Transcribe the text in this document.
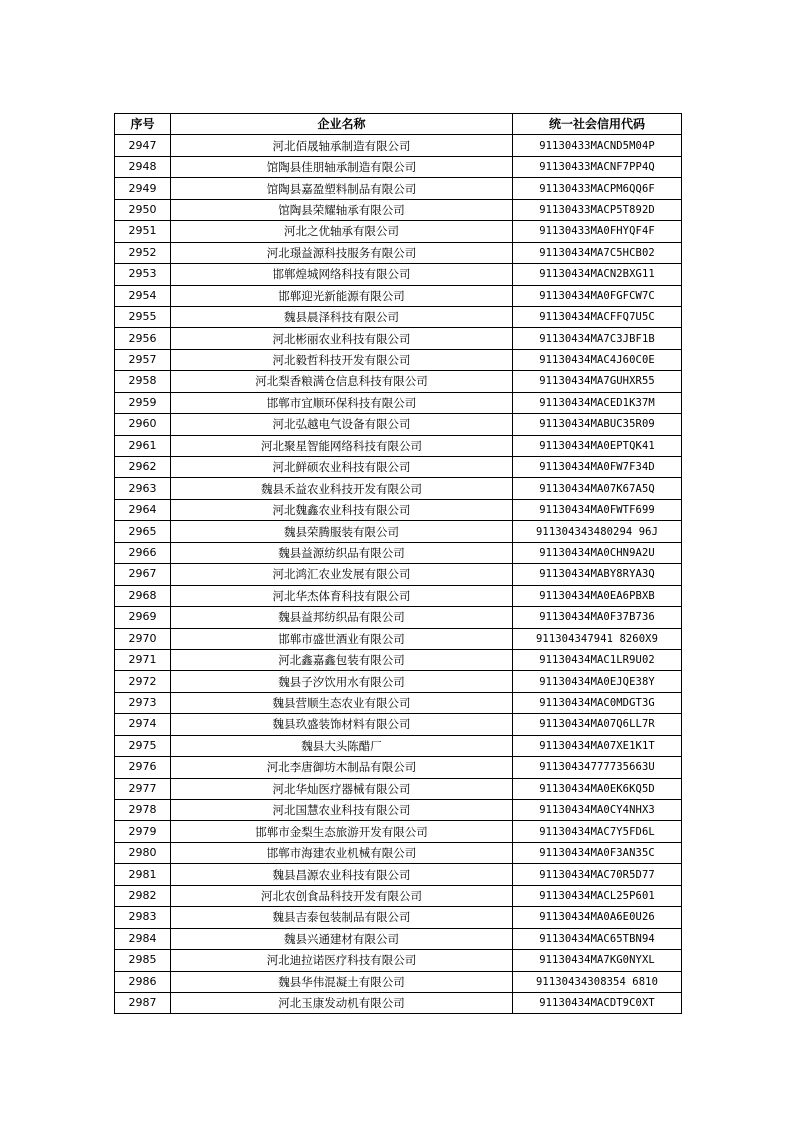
序号	企业名称	统一社会信用代码
2947	河北佰晟轴承制造有限公司	91130433MACND5M04P
2948	馆陶县佳朋轴承制造有限公司	91130433MACNF7PP4Q
2949	馆陶县嘉盈塑料制品有限公司	91130433MACPM6QQ6F
2950	馆陶县荣耀轴承有限公司	91130433MACP5T892D
2951	河北之优轴承有限公司	91130433MA0FHYQF4F
2952	河北璟益源科技服务有限公司	91130434MA7C5HCB02
2953	邯郸煌城网络科技有限公司	91130434MACN2BXG11
2954	邯郸迎光新能源有限公司	91130434MA0FGFCW7C
2955	魏县晨泽科技有限公司	91130434MACFFQ7U5C
2956	河北彬丽农业科技有限公司	91130434MA7C3JBF1B
2957	河北毅哲科技开发有限公司	91130434MAC4J60C0E
2958	河北梨香粮满仓信息科技有限公司	91130434MA7GUHXR55
2959	邯郸市宜顺环保科技有限公司	91130434MACED1K37M
2960	河北弘越电气设备有限公司	91130434MABUC35R09
2961	河北聚星智能网络科技有限公司	91130434MA0EPTQK41
2962	河北鲜硕农业科技有限公司	91130434MA0FW7F34D
2963	魏县禾益农业科技开发有限公司	91130434MA07K67A5Q
2964	河北魏鑫农业科技有限公司	91130434MA0FWTF699
2965	魏县荣腾服装有限公司	911304343480294 96J
2966	魏县益源纺织品有限公司	91130434MA0CHN9A2U
2967	河北鸿汇农业发展有限公司	91130434MABY8RYA3Q
2968	河北华杰体育科技有限公司	91130434MA0EA6PBXB
2969	魏县益邦纺织品有限公司	91130434MA0F37B736
2970	邯郸市盛世酒业有限公司	911304347941 8260X9
2971	河北鑫嘉鑫包装有限公司	91130434MAC1LR9U02
2972	魏县子汐饮用水有限公司	91130434MA0EJQE38Y
2973	魏县营顺生态农业有限公司	91130434MAC0MDGT3G
2974	魏县玖盛装饰材料有限公司	91130434MA07Q6LL7R
2975	魏县大头陈醋厂	91130434MA07XE1K1T
2976	河北李唐御坊木制品有限公司	91130434777735663U
2977	河北华灿医疗器械有限公司	91130434MA0EK6KQ5D
2978	河北国慧农业科技有限公司	91130434MA0CY4NHX3
2979	邯郸市金梨生态旅游开发有限公司	91130434MAC7Y5FD6L
2980	邯郸市海建农业机械有限公司	91130434MA0F3AN35C
2981	魏县昌源农业科技有限公司	91130434MAC70R5D77
2982	河北农创食品科技开发有限公司	91130434MACL25P601
2983	魏县吉泰包装制品有限公司	91130434MA0A6E0U26
2984	魏县兴通建材有限公司	91130434MAC65TBN94
2985	河北迪拉诺医疗科技有限公司	91130434MA7KG0NYXL
2986	魏县华伟混凝土有限公司	91130434308354 6810
2987	河北玉康发动机有限公司	91130434MACDT9C0XT
